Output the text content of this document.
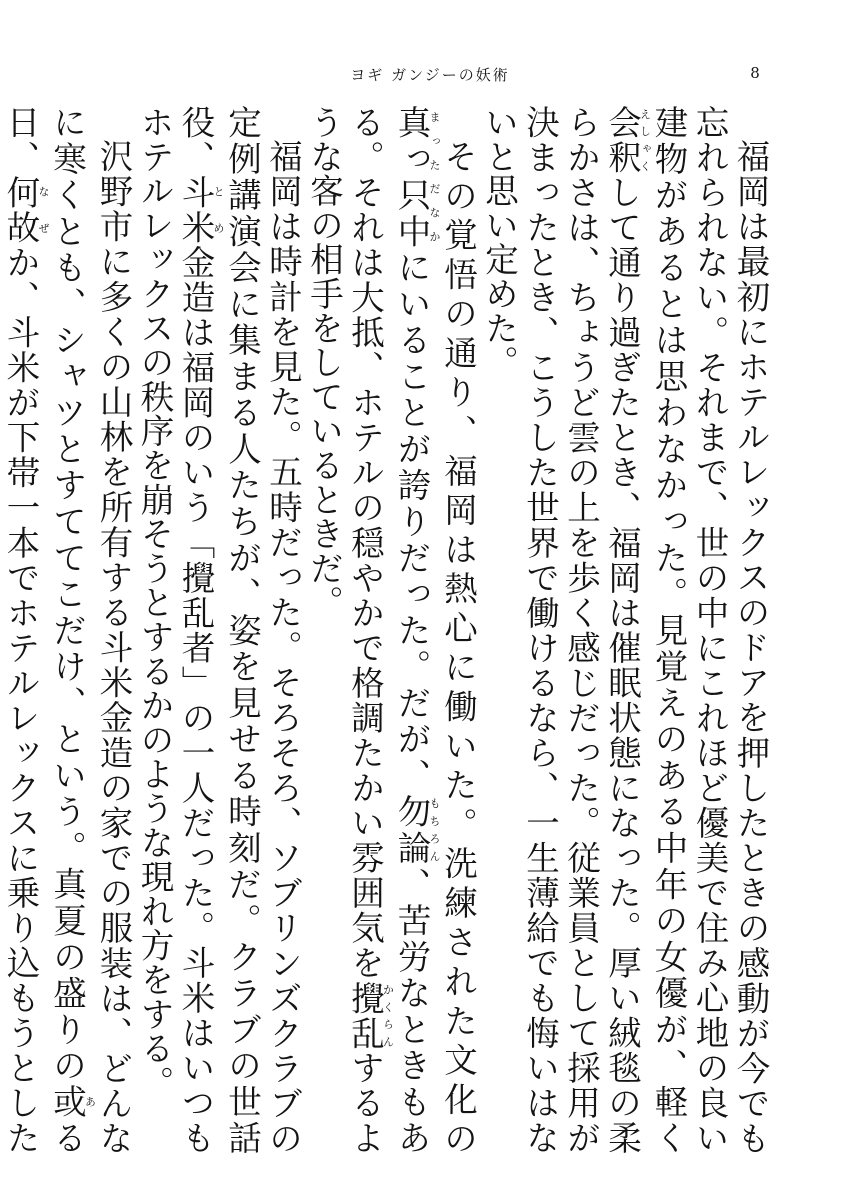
ヨギ ガンジーの妖術	8

福岡は最初にホテルレックスのドアを押したときの感動が今でも忘れられない。それまで、世の中にこれほど優美で住み心地の良い建物があるとは思わなかった。見覚えのある中年の女優が、軽く会釈えしゃくして通り過ぎたとき、福岡は催眠状態になった。厚い絨毯の柔らかさは、ちょうど雲の上を歩く感じだった。従業員として採用が決まったとき、こうした世界で働けるなら、一生薄給でも悔いはないと思い定めた。

その覚悟の通り、福岡は熱心に働いた。洗練された文化の真っ只中まっただなかにいることが誇りだった。だが、勿論もちろん、苦労なときもある。それは大抵、ホテルの穏やかで格調たかい雰囲気を攪乱かくらんするような客の相手をしているときだ。

福岡は時計を見た。五時だった。そろそろ、ソブリンズクラブの定例講演会に集まる人たちが、姿を見せる時刻だ。クラブの世話役、斗米とめ金造は福岡のいう「攪乱者」の一人だった。斗米はいつもホテルレックスの秩序を崩そうとするかのような現れ方をする。

沢野市に多くの山林を所有する斗米金造の家での服装は、どんなに寒くとも、シャツとすててこだけ、という。真夏の盛りの或ある日、何故なぜか、斗米が下帯一本でホテルレックスに乗り込もうとした
